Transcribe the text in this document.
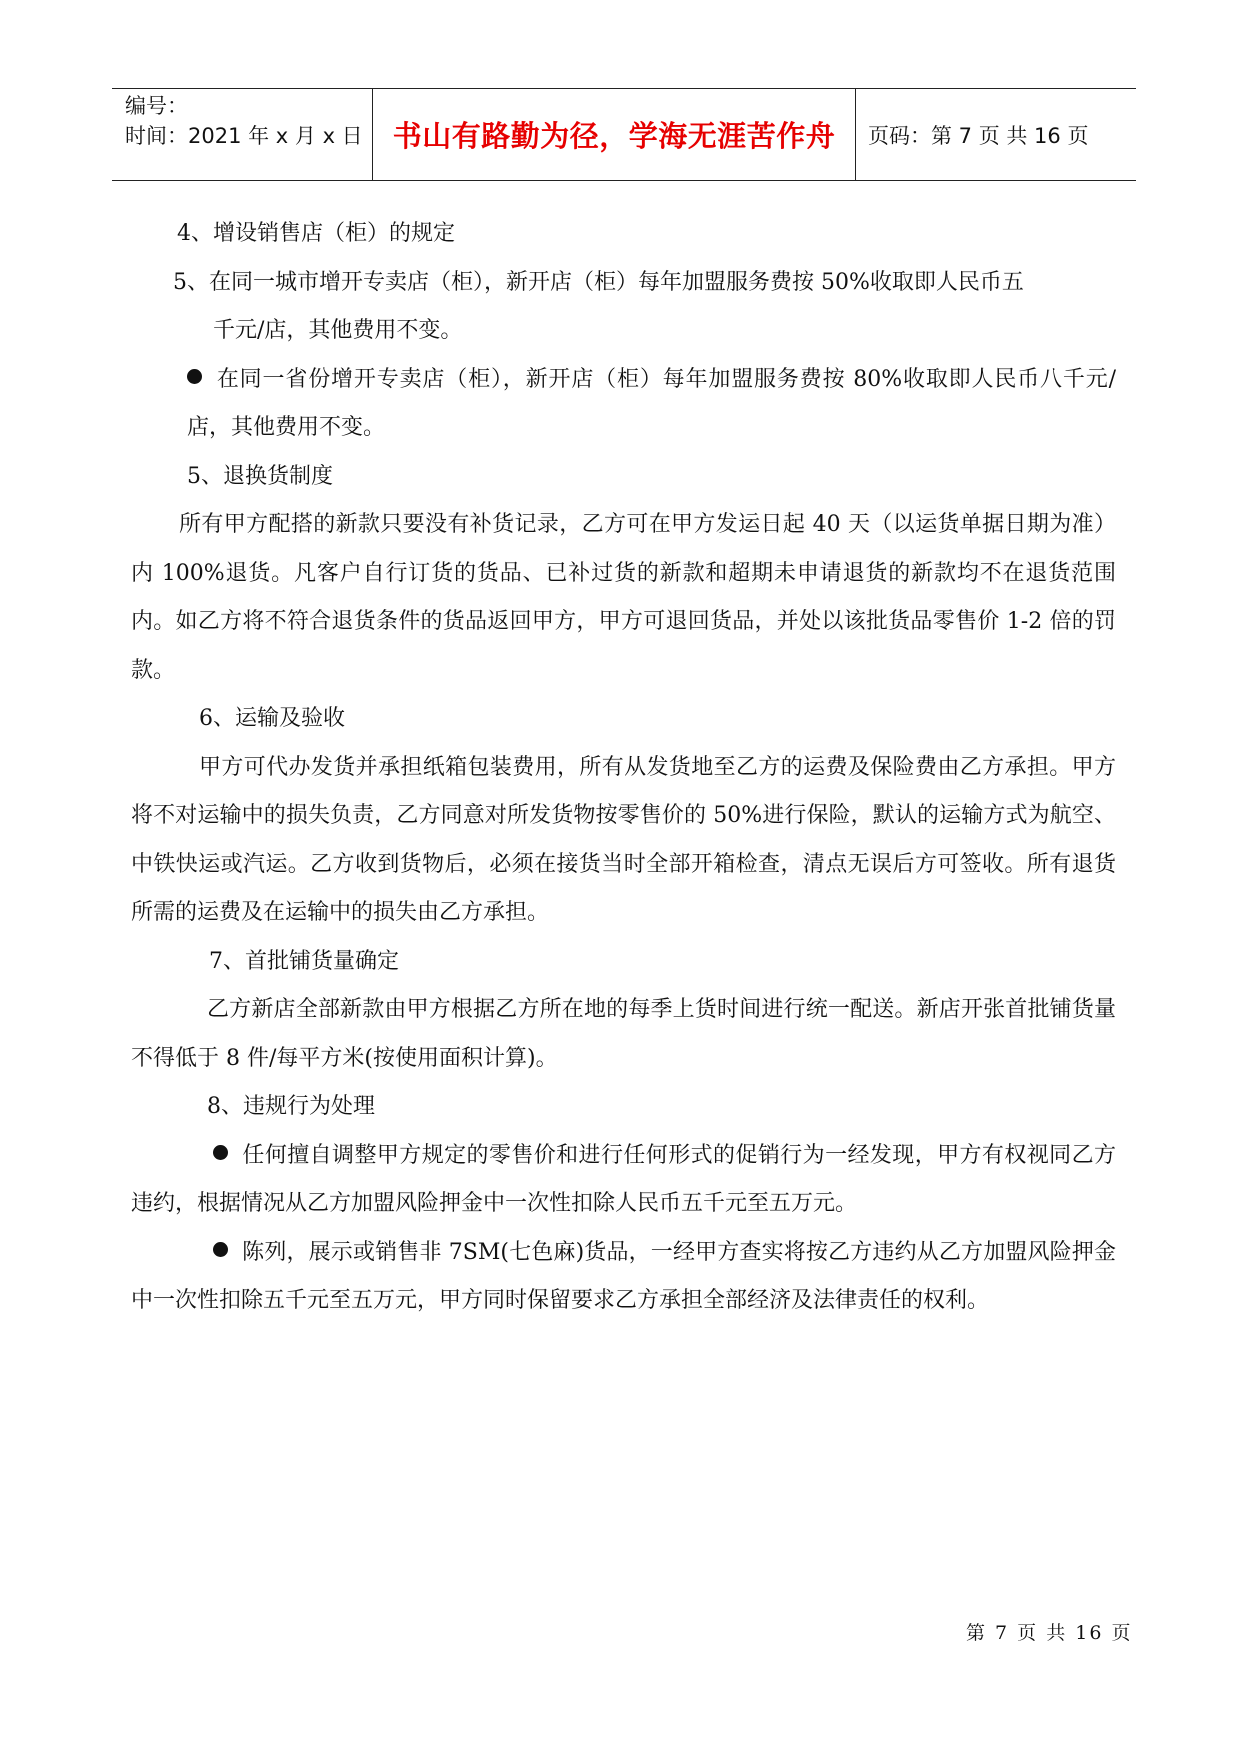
编号：
时间：2021 年 x 月 x 日	书山有路勤为径，学海无涯苦作舟	页码：第 7 页 共 16 页

4、增设销售店（柜）的规定

5、在同一城市增开专卖店（柜），新开店（柜）每年加盟服务费按 50%收取即人民币五

千元/店，其他费用不变。

在同一省份增开专卖店（柜），新开店（柜）每年加盟服务费按 80%收取即人民币八千元/店，其他费用不变。

5、退换货制度

所有甲方配搭的新款只要没有补货记录，乙方可在甲方发运日起 40 天（以运货单据日期为准）内 100%退货。凡客户自行订货的货品、已补过货的新款和超期未申请退货的新款均不在退货范围内。如乙方将不符合退货条件的货品返回甲方，甲方可退回货品，并处以该批货品零售价 1-2 倍的罚款。

6、运输及验收

甲方可代办发货并承担纸箱包装费用，所有从发货地至乙方的运费及保险费由乙方承担。甲方将不对运输中的损失负责，乙方同意对所发货物按零售价的 50%进行保险，默认的运输方式为航空、中铁快运或汽运。乙方收到货物后，必须在接货当时全部开箱检查，清点无误后方可签收。所有退货所需的运费及在运输中的损失由乙方承担。

7、首批铺货量确定

乙方新店全部新款由甲方根据乙方所在地的每季上货时间进行统一配送。新店开张首批铺货量不得低于 8 件/每平方米(按使用面积计算)。

8、违规行为处理

任何擅自调整甲方规定的零售价和进行任何形式的促销行为一经发现，甲方有权视同乙方违约，根据情况从乙方加盟风险押金中一次性扣除人民币五千元至五万元。

陈列，展示或销售非 7SM(七色麻)货品，一经甲方查实将按乙方违约从乙方加盟风险押金中一次性扣除五千元至五万元，甲方同时保留要求乙方承担全部经济及法律责任的权利。

第 7 页 共 16 页
